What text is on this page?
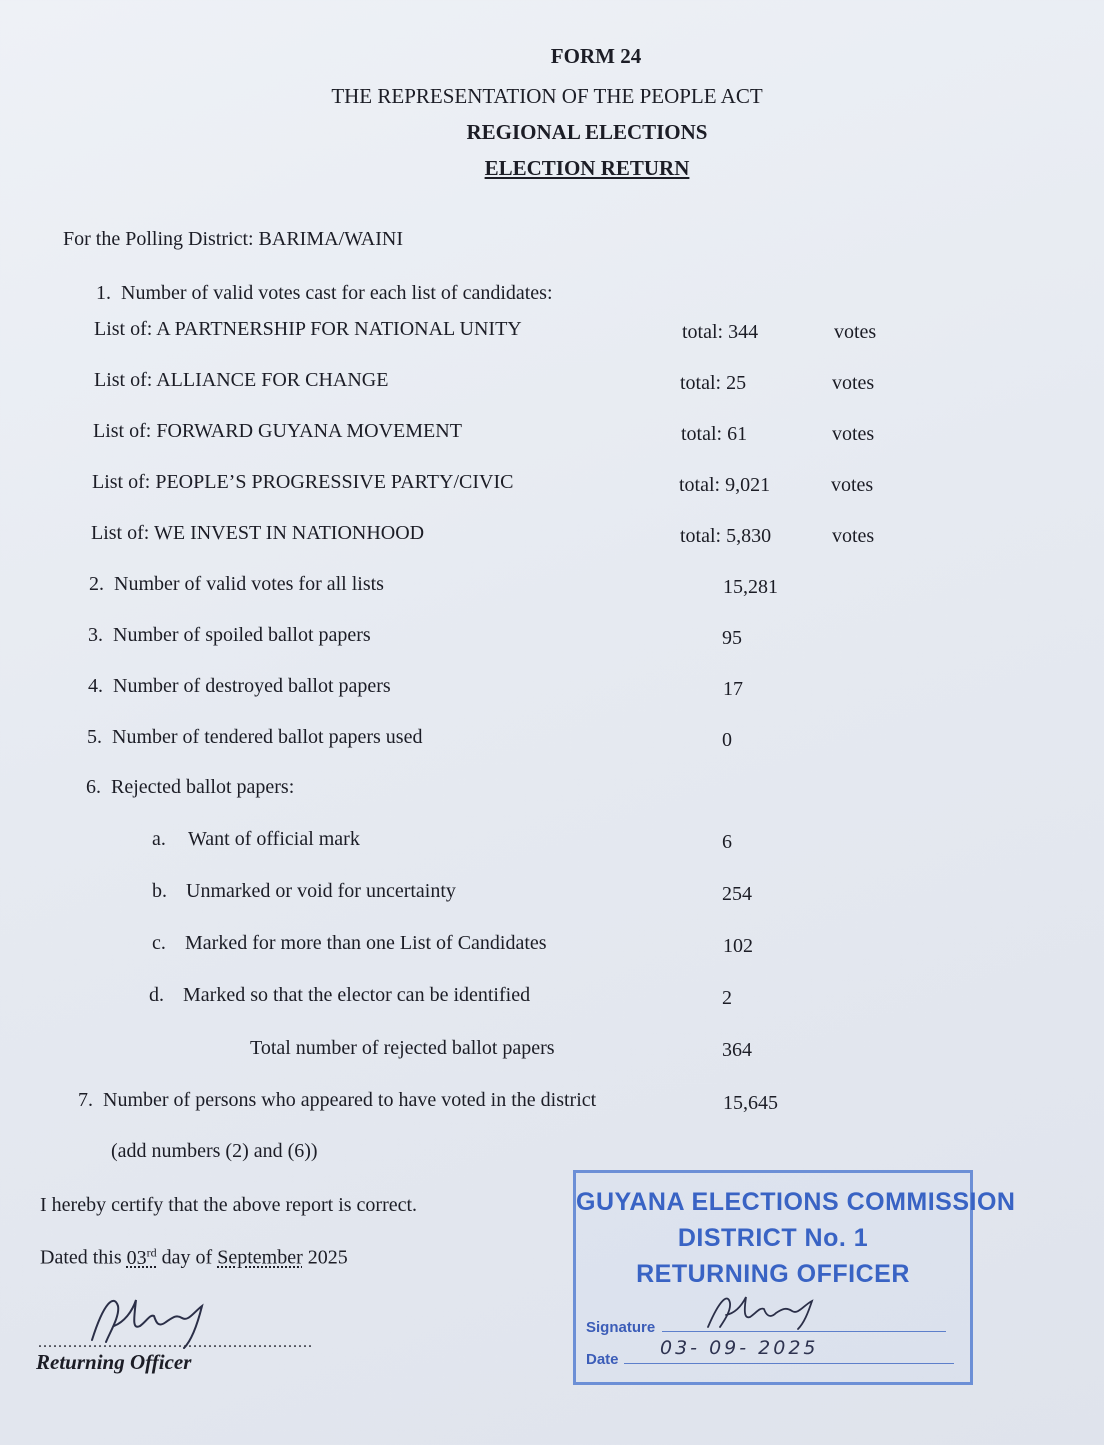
FORM 24
THE REPRESENTATION OF THE PEOPLE ACT
REGIONAL ELECTIONS
ELECTION RETURN
For the Polling District: BARIMA/WAINI
1.  Number of valid votes cast for each list of candidates:
List of: A PARTNERSHIP FOR NATIONAL UNITY	total: 344	votes
List of: ALLIANCE FOR CHANGE	total: 25	votes
List of: FORWARD GUYANA MOVEMENT	total: 61	votes
List of: PEOPLE’S PROGRESSIVE PARTY/CIVIC	total: 9,021	votes
List of: WE INVEST IN NATIONHOOD	total: 5,830	votes
2.  Number of valid votes for all lists	15,281
3.  Number of spoiled ballot papers	95
4.  Number of destroyed ballot papers	17
5.  Number of tendered ballot papers used	0
6.  Rejected ballot papers:
a. Want of official mark	6
b. Unmarked or void for uncertainty	254
c. Marked for more than one List of Candidates	102
d. Marked so that the elector can be identified	2
Total number of rejected ballot papers	364
7.  Number of persons who appeared to have voted in the district	15,645
(add numbers (2) and (6))
I hereby certify that the above report is correct.
Dated this 03rd day of September 2025
.......................................................
Returning Officer
GUYANA ELECTIONS COMMISSION
DISTRICT No. 1
RETURNING OFFICER
Signature
Date
03- 09- 2025
